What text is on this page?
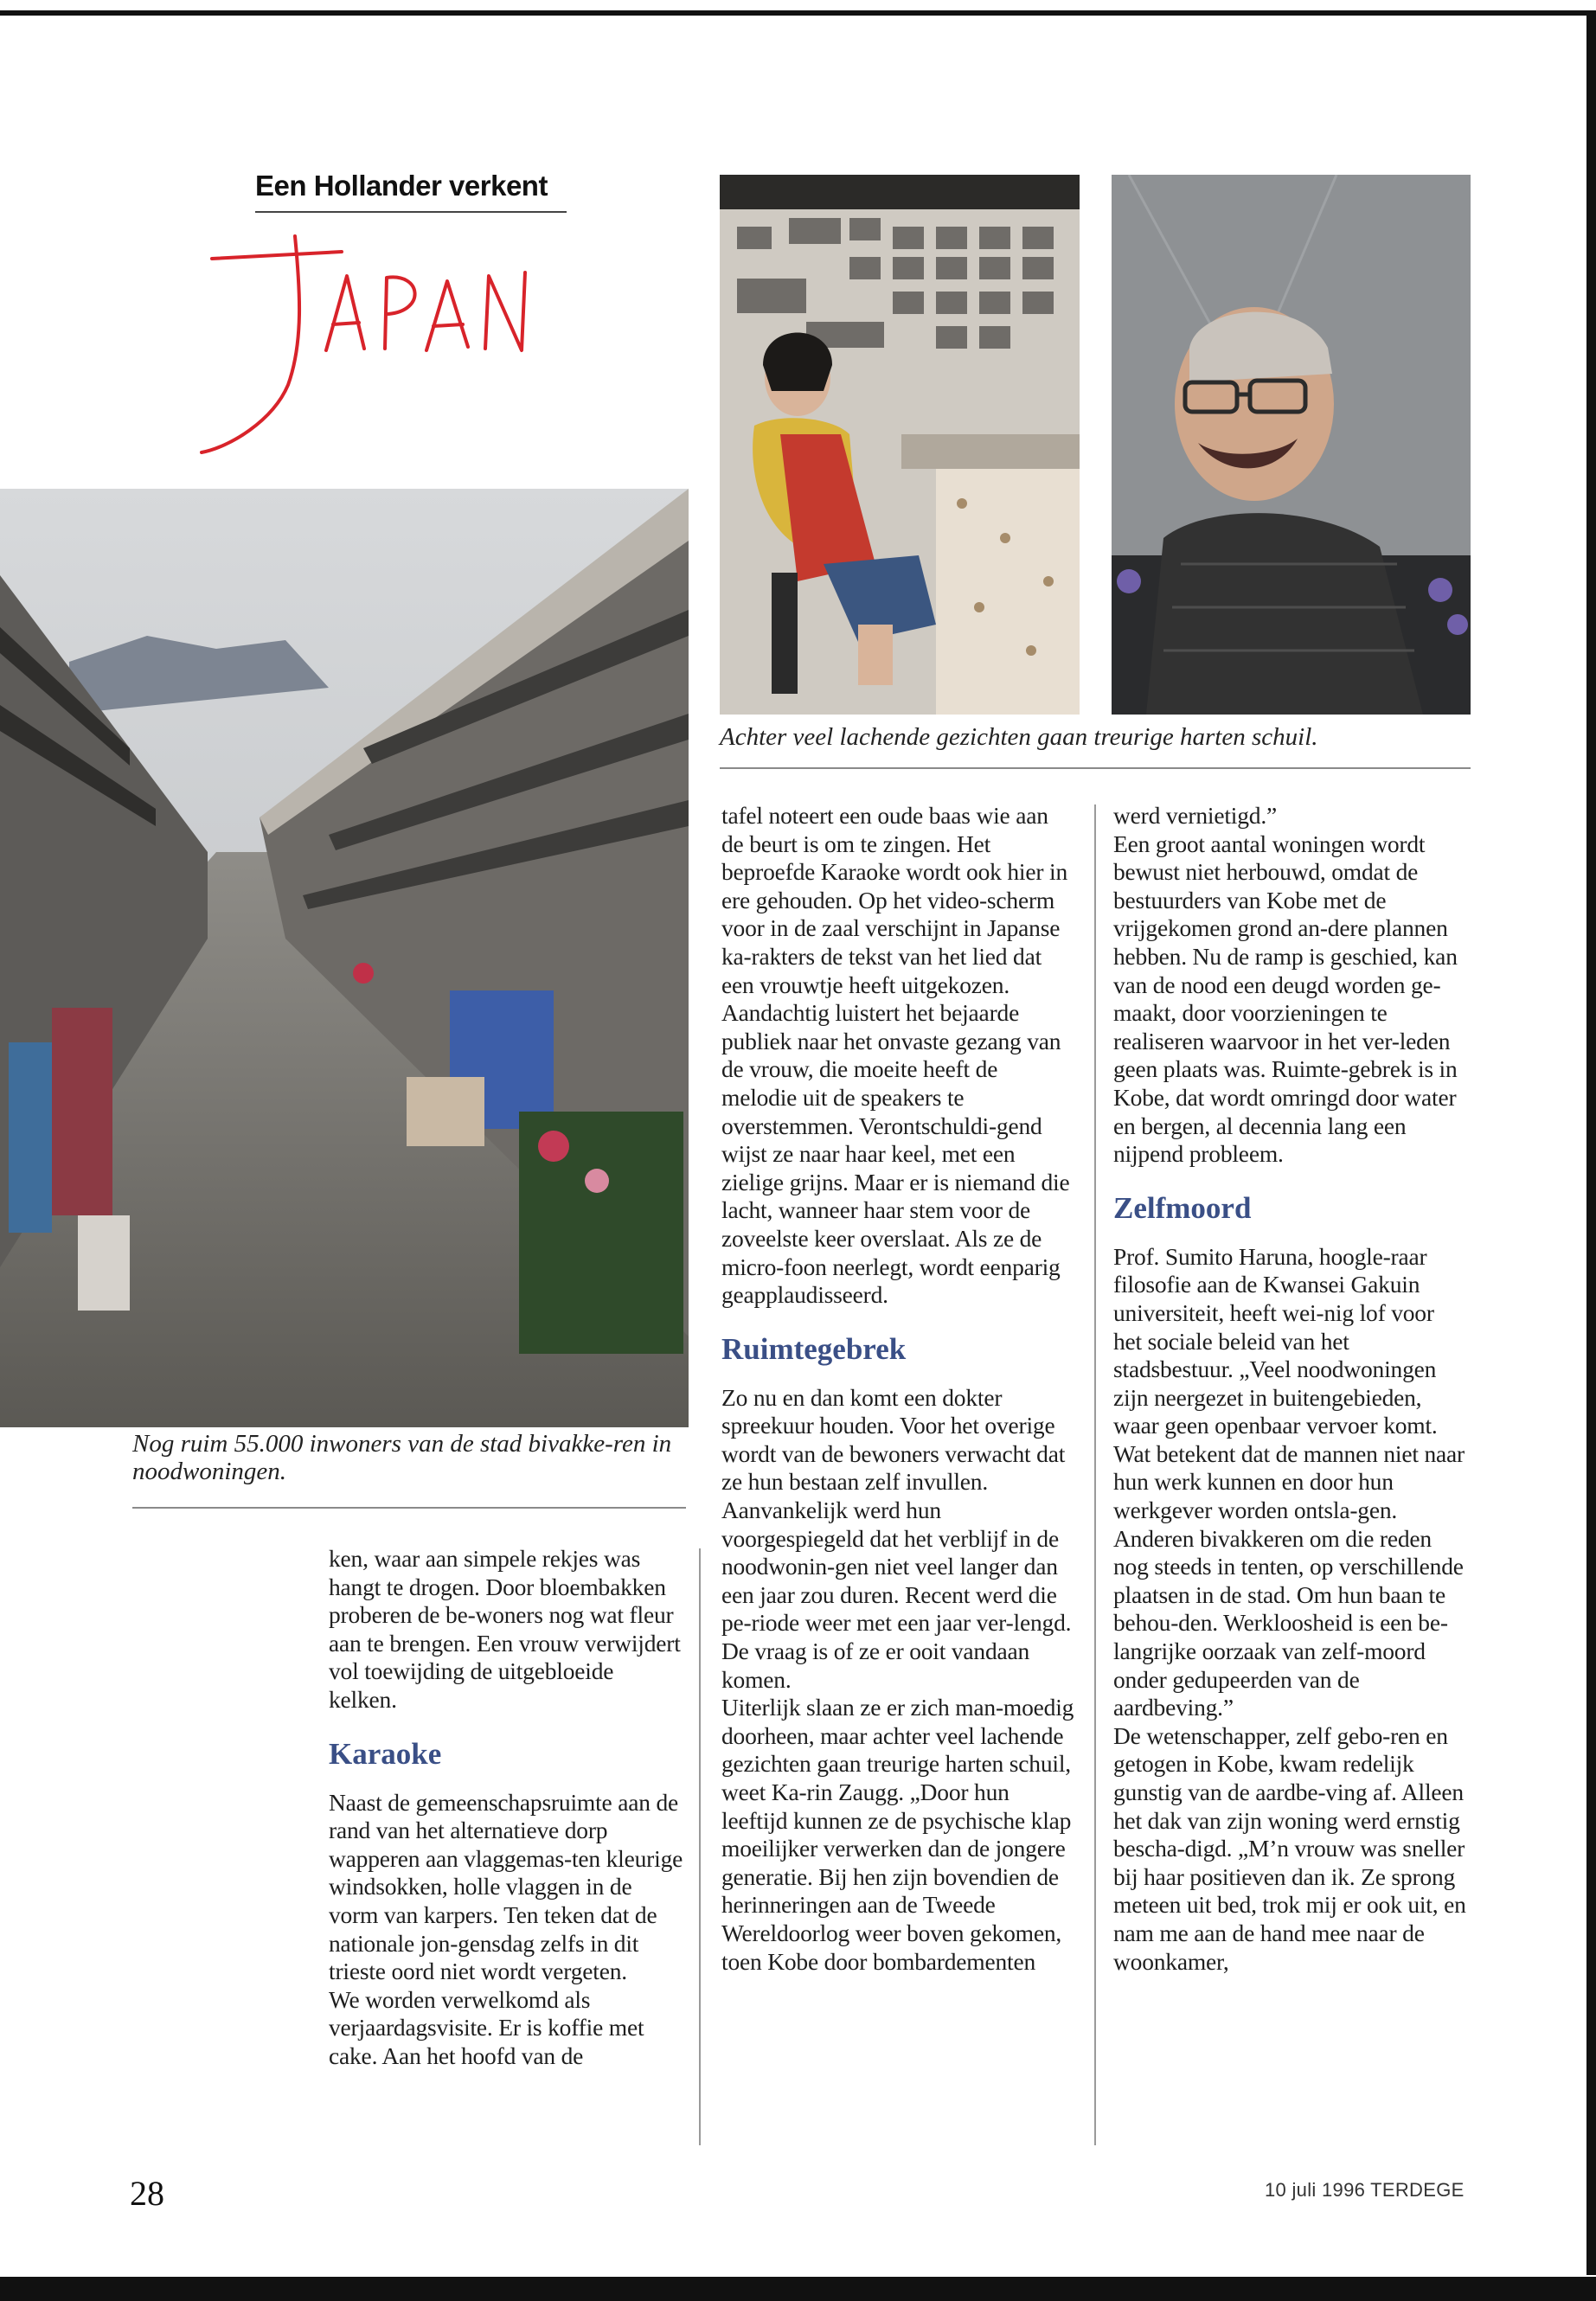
Een Hollander verkent
Achter veel lachende gezichten gaan treurige harten schuil.
Nog ruim 55.000 inwoners van de stad bivakke-ren in noodwoningen.

ken, waar aan simpele rekjes was hangt te drogen. Door bloembakken proberen de be-woners nog wat fleur aan te brengen. Een vrouw verwijdert vol toewijding de uitgebloeide kelken.

Karaoke

Naast de gemeenschapsruimte aan de rand van het alternatieve dorp wapperen aan vlaggemas-ten kleurige windsokken, holle vlaggen in de vorm van karpers. Ten teken dat de nationale jon-gensdag zelfs in dit trieste oord niet wordt vergeten.

We worden verwelkomd als verjaardagsvisite. Er is koffie met cake. Aan het hoofd van de

tafel noteert een oude baas wie aan de beurt is om te zingen. Het beproefde Karaoke wordt ook hier in ere gehouden. Op het video-scherm voor in de zaal verschijnt in Japanse ka-rakters de tekst van het lied dat een vrouwtje heeft uitgekozen. Aandachtig luistert het bejaarde publiek naar het onvaste gezang van de vrouw, die moeite heeft de melodie uit de speakers te overstemmen. Verontschuldi-gend wijst ze naar haar keel, met een zielige grijns. Maar er is niemand die lacht, wanneer haar stem voor de zoveelste keer overslaat. Als ze de micro-foon neerlegt, wordt eenparig geapplaudisseerd.

Ruimtegebrek

Zo nu en dan komt een dokter spreekuur houden. Voor het overige wordt van de bewoners verwacht dat ze hun bestaan zelf invullen. Aanvankelijk werd hun voorgespiegeld dat het verblijf in de noodwonin-gen niet veel langer dan een jaar zou duren. Recent werd die pe-riode weer met een jaar ver-lengd. De vraag is of ze er ooit vandaan komen.

Uiterlijk slaan ze er zich man-moedig doorheen, maar achter veel lachende gezichten gaan treurige harten schuil, weet Ka-rin Zaugg. „Door hun leeftijd kunnen ze de psychische klap moeilijker verwerken dan de jongere generatie. Bij hen zijn bovendien de herinneringen aan de Tweede Wereldoorlog weer boven gekomen, toen Kobe door bombardementen

werd vernietigd.”

Een groot aantal woningen wordt bewust niet herbouwd, omdat de bestuurders van Kobe met de vrijgekomen grond an-dere plannen hebben. Nu de ramp is geschied, kan van de nood een deugd worden ge-maakt, door voorzieningen te realiseren waarvoor in het ver-leden geen plaats was. Ruimte-gebrek is in Kobe, dat wordt omringd door water en bergen, al decennia lang een nijpend probleem.

Zelfmoord

Prof. Sumito Haruna, hoogle-raar filosofie aan de Kwansei Gakuin universiteit, heeft wei-nig lof voor het sociale beleid van het stadsbestuur. „Veel noodwoningen zijn neergezet in buitengebieden, waar geen openbaar vervoer komt. Wat betekent dat de mannen niet naar hun werk kunnen en door hun werkgever worden ontsla-gen. Anderen bivakkeren om die reden nog steeds in tenten, op verschillende plaatsen in de stad. Om hun baan te behou-den. Werkloosheid is een be-langrijke oorzaak van zelf-moord onder gedupeerden van de aardbeving.”

De wetenschapper, zelf gebo-ren en getogen in Kobe, kwam redelijk gunstig van de aardbe-ving af. Alleen het dak van zijn woning werd ernstig bescha-digd. „M’n vrouw was sneller bij haar positieven dan ik. Ze sprong meteen uit bed, trok mij er ook uit, en nam me aan de hand mee naar de woonkamer,

28	10 juli 1996 TERDEGE
